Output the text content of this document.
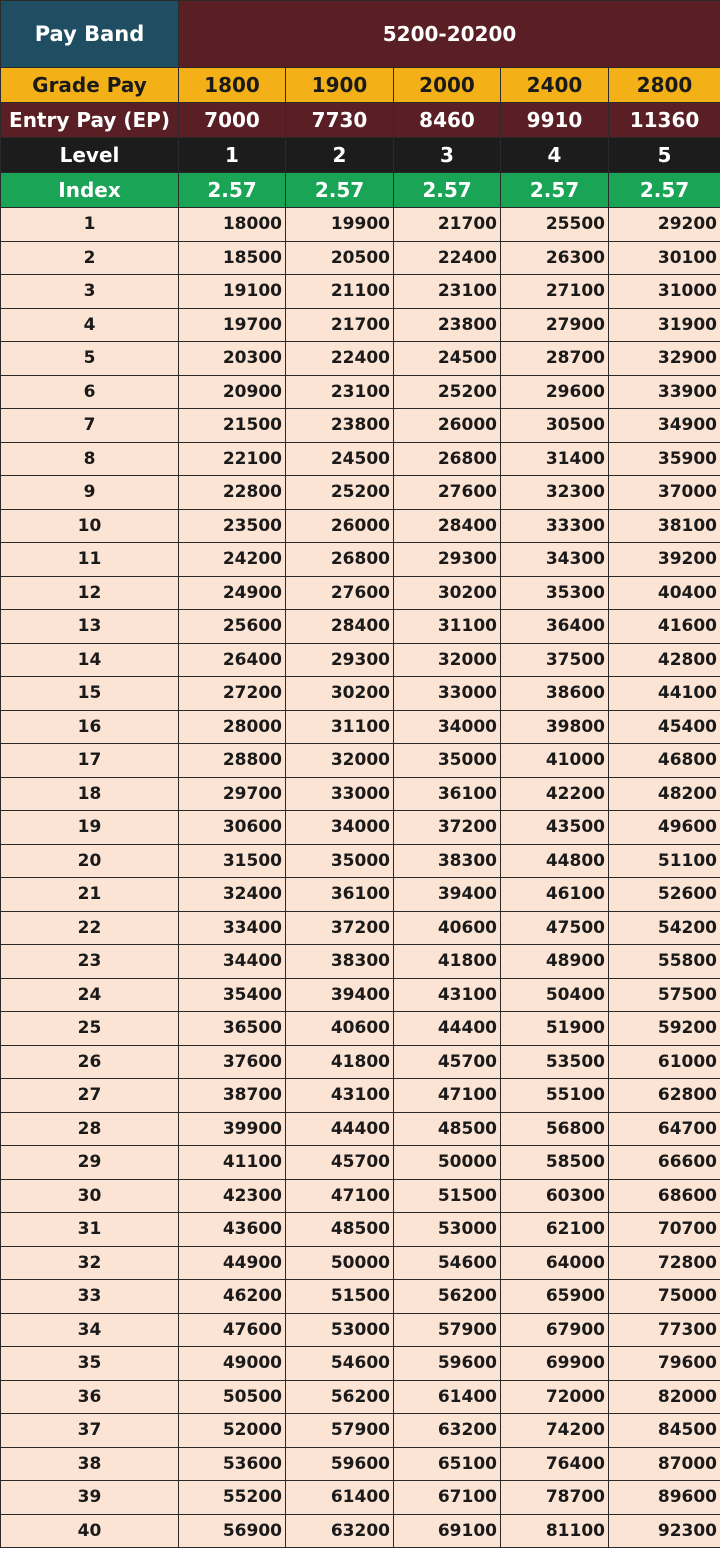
Pay Band	5200-20200				
Grade Pay	1800	1900	2000	2400	2800
Entry Pay (EP)	7000	7730	8460	9910	11360
Level	1	2	3	4	5
Index	2.57	2.57	2.57	2.57	2.57
1	18000	19900	21700	25500	29200
2	18500	20500	22400	26300	30100
3	19100	21100	23100	27100	31000
4	19700	21700	23800	27900	31900
5	20300	22400	24500	28700	32900
6	20900	23100	25200	29600	33900
7	21500	23800	26000	30500	34900
8	22100	24500	26800	31400	35900
9	22800	25200	27600	32300	37000
10	23500	26000	28400	33300	38100
11	24200	26800	29300	34300	39200
12	24900	27600	30200	35300	40400
13	25600	28400	31100	36400	41600
14	26400	29300	32000	37500	42800
15	27200	30200	33000	38600	44100
16	28000	31100	34000	39800	45400
17	28800	32000	35000	41000	46800
18	29700	33000	36100	42200	48200
19	30600	34000	37200	43500	49600
20	31500	35000	38300	44800	51100
21	32400	36100	39400	46100	52600
22	33400	37200	40600	47500	54200
23	34400	38300	41800	48900	55800
24	35400	39400	43100	50400	57500
25	36500	40600	44400	51900	59200
26	37600	41800	45700	53500	61000
27	38700	43100	47100	55100	62800
28	39900	44400	48500	56800	64700
29	41100	45700	50000	58500	66600
30	42300	47100	51500	60300	68600
31	43600	48500	53000	62100	70700
32	44900	50000	54600	64000	72800
33	46200	51500	56200	65900	75000
34	47600	53000	57900	67900	77300
35	49000	54600	59600	69900	79600
36	50500	56200	61400	72000	82000
37	52000	57900	63200	74200	84500
38	53600	59600	65100	76400	87000
39	55200	61400	67100	78700	89600
40	56900	63200	69100	81100	92300
